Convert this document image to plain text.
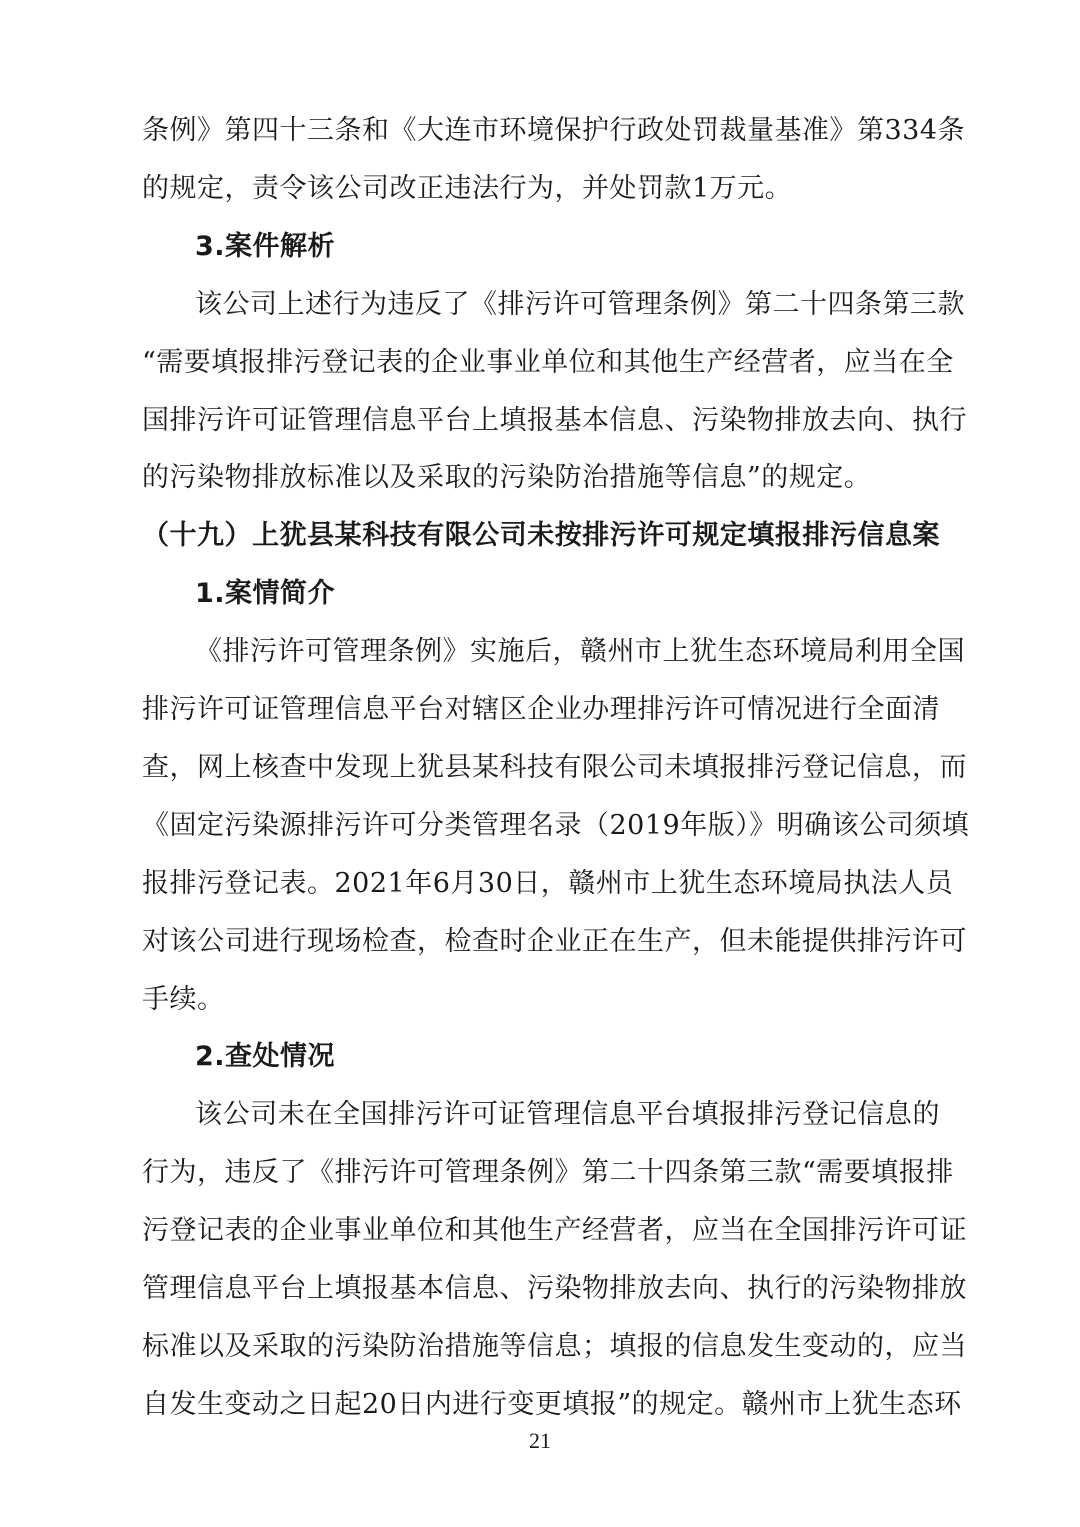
条例》第四十三条和《大连市环境保护行政处罚裁量基准》第334条
的规定，责令该公司改正违法行为，并处罚款1万元。
3.案件解析
该公司上述行为违反了《排污许可管理条例》第二十四条第三款
“需要填报排污登记表的企业事业单位和其他生产经营者，应当在全
国排污许可证管理信息平台上填报基本信息、污染物排放去向、执行
的污染物排放标准以及采取的污染防治措施等信息”的规定。
（十九）上犹县某科技有限公司未按排污许可规定填报排污信息案
1.案情简介
《排污许可管理条例》实施后，赣州市上犹生态环境局利用全国
排污许可证管理信息平台对辖区企业办理排污许可情况进行全面清
查，网上核查中发现上犹县某科技有限公司未填报排污登记信息，而
《固定污染源排污许可分类管理名录（2019年版）》明确该公司须填
报排污登记表。2021年6月30日，赣州市上犹生态环境局执法人员
对该公司进行现场检查，检查时企业正在生产，但未能提供排污许可
手续。
2.查处情况
该公司未在全国排污许可证管理信息平台填报排污登记信息的
行为，违反了《排污许可管理条例》第二十四条第三款“需要填报排
污登记表的企业事业单位和其他生产经营者，应当在全国排污许可证
管理信息平台上填报基本信息、污染物排放去向、执行的污染物排放
标准以及采取的污染防治措施等信息；填报的信息发生变动的，应当
自发生变动之日起20日内进行变更填报”的规定。赣州市上犹生态环
21
